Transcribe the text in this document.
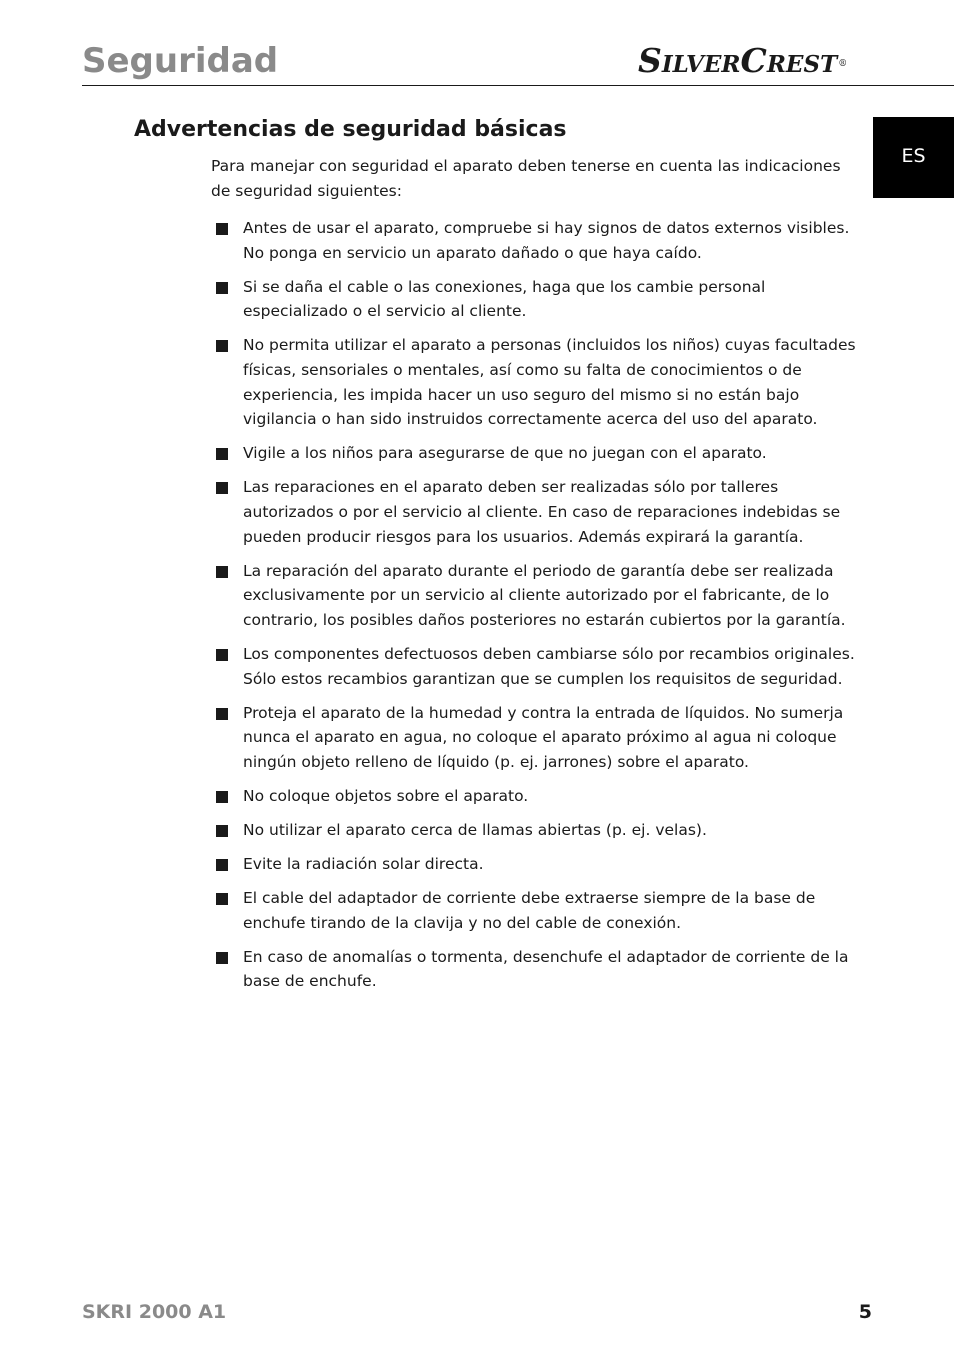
Seguridad	SILVERCREST®
ES
Advertencias de seguridad básicas

Para manejar con seguridad el aparato deben tenerse en cuenta las indicaciones de seguridad siguientes:

Antes de usar el aparato, compruebe si hay signos de datos externos visibles. No ponga en servicio un aparato dañado o que haya caído.
Si se daña el cable o las conexiones, haga que los cambie personal especializado o el servicio al cliente.
No permita utilizar el aparato a personas (incluidos los niños) cuyas facultades físicas, sensoriales o mentales, así como su falta de conocimientos o de experiencia, les impida hacer un uso seguro del mismo si no están bajo vigilancia o han sido instruidos correctamente acerca del uso del aparato.
Vigile a los niños para asegurarse de que no juegan con el aparato.
Las reparaciones en el aparato deben ser realizadas sólo por talleres autorizados o por el servicio al cliente. En caso de reparaciones indebidas se pueden producir riesgos para los usuarios. Además expirará la garantía.
La reparación del aparato durante el periodo de garantía debe ser realizada exclusivamente por un servicio al cliente autorizado por el fabricante, de lo contrario, los posibles daños posteriores no estarán cubiertos por la garantía.
Los componentes defectuosos deben cambiarse sólo por recambios originales. Sólo estos recambios garantizan que se cumplen los requisitos de seguridad.
Proteja el aparato de la humedad y contra la entrada de líquidos. No sumerja nunca el aparato en agua, no coloque el aparato próximo al agua ni coloque ningún objeto relleno de líquido (p. ej. jarrones) sobre el aparato.
No coloque objetos sobre el aparato.
No utilizar el aparato cerca de llamas abiertas (p. ej. velas).
Evite la radiación solar directa.
El cable del adaptador de corriente debe extraerse siempre de la base de enchufe tirando de la clavija y no del cable de conexión.
En caso de anomalías o tormenta, desenchufe el adaptador de corriente de la base de enchufe.
SKRI 2000 A1	5
